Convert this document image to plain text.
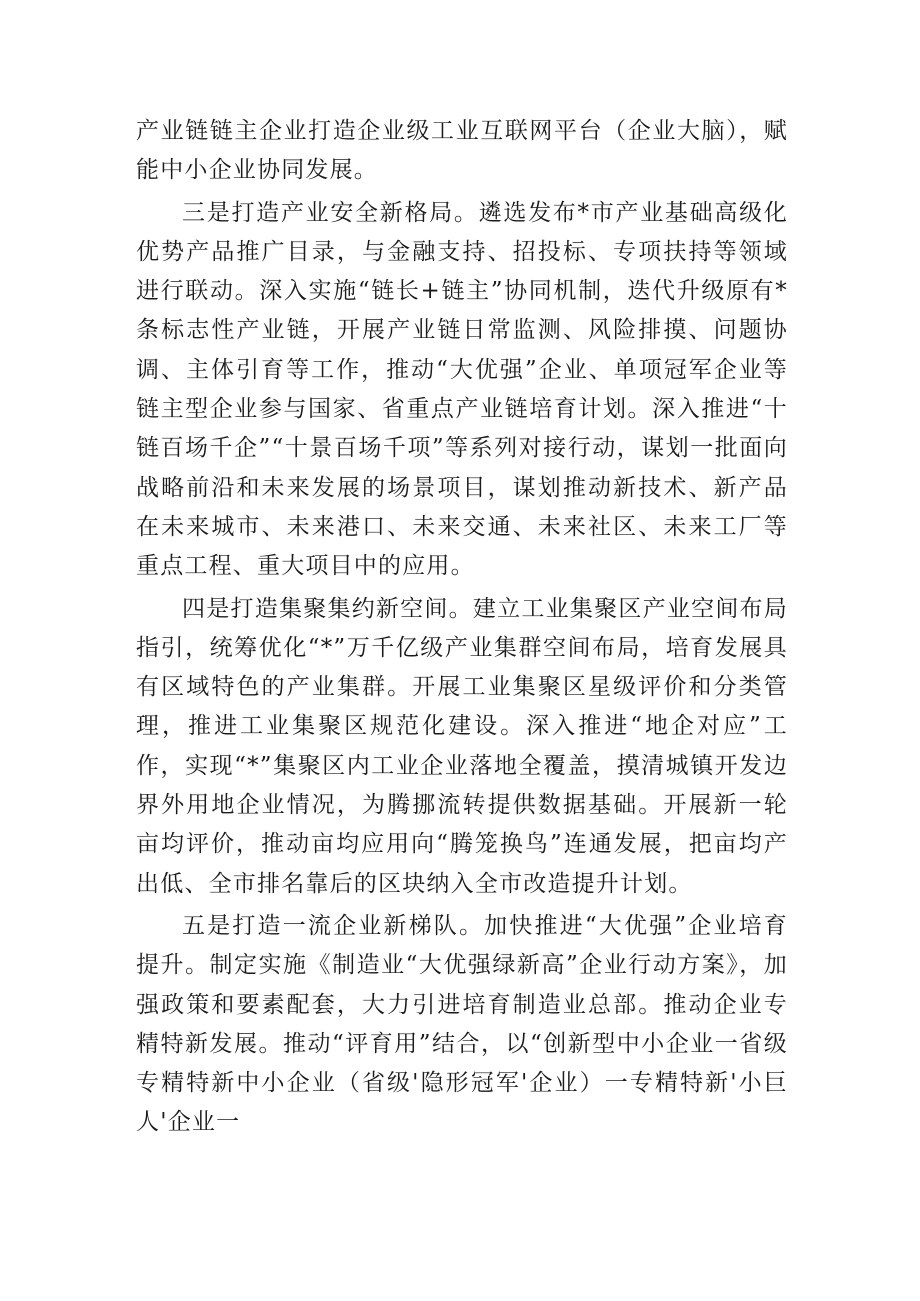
产业链链主企业打造企业级工业互联网平台（企业大脑），赋能中小企业协同发展。

三是打造产业安全新格局。遴选发布*市产业基础高级化优势产品推广目录，与金融支持、招投标、专项扶持等领域进行联动。深入实施“链长+链主”协同机制，迭代升级原有*条标志性产业链，开展产业链日常监测、风险排摸、问题协调、主体引育等工作，推动“大优强”企业、单项冠军企业等链主型企业参与国家、省重点产业链培育计划。深入推进“十链百场千企”“十景百场千项”等系列对接行动，谋划一批面向战略前沿和未来发展的场景项目，谋划推动新技术、新产品在未来城市、未来港口、未来交通、未来社区、未来工厂等重点工程、重大项目中的应用。

四是打造集聚集约新空间。建立工业集聚区产业空间布局指引，统筹优化“*”万千亿级产业集群空间布局，培育发展具有区域特色的产业集群。开展工业集聚区星级评价和分类管理，推进工业集聚区规范化建设。深入推进“地企对应”工作，实现“*”集聚区内工业企业落地全覆盖，摸清城镇开发边界外用地企业情况，为腾挪流转提供数据基础。开展新一轮亩均评价，推动亩均应用向“腾笼换鸟”连通发展，把亩均产出低、全市排名靠后的区块纳入全市改造提升计划。

五是打造一流企业新梯队。加快推进“大优强”企业培育提升。制定实施《制造业“大优强绿新高”企业行动方案》，加强政策和要素配套，大力引进培育制造业总部。推动企业专精特新发展。推动“评育用”结合，以“创新型中小企业一省级专精特新中小企业（省级'隐形冠军'企业）一专精特新'小巨人'企业一
